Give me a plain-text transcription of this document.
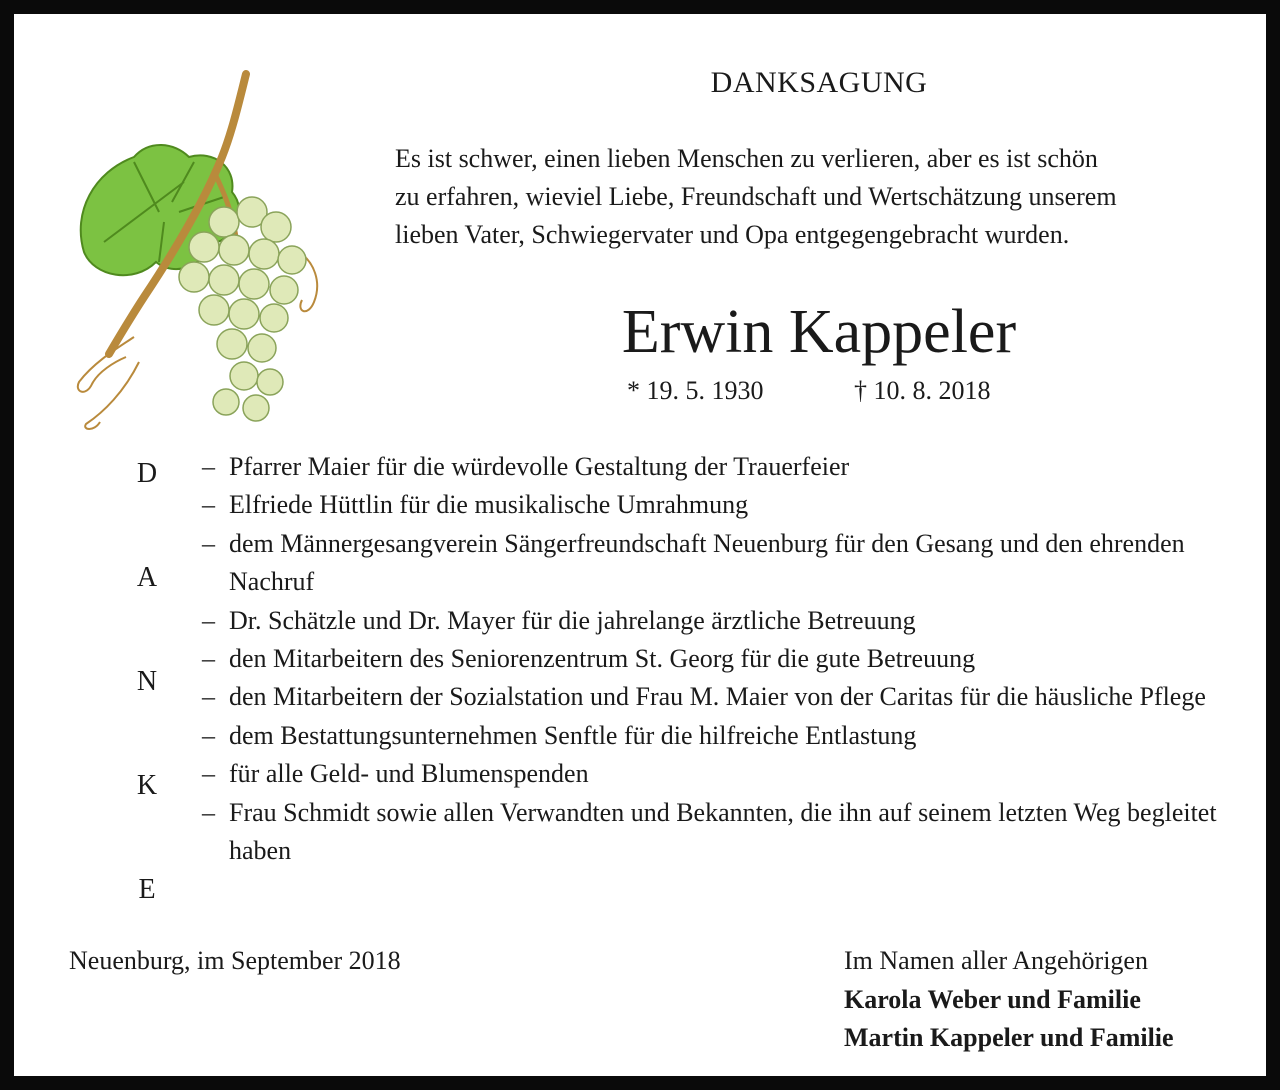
DANKSAGUNG
Es ist schwer, einen lieben Menschen zu verlieren, aber es ist schön
zu erfahren, wieviel Liebe, Freundschaft und Wertschätzung unserem
lieben Vater, Schwiegervater und Opa entgegengebracht wurden.
Erwin Kappeler
* 19. 5. 1930	† 10. 8. 2018
D
A
N
K
E
– Pfarrer Maier für die würdevolle Gestaltung der Trauerfeier
– Elfriede Hüttlin für die musikalische Umrahmung
– dem Männergesangverein Sängerfreundschaft Neuenburg für den Gesang und den ehrenden Nachruf
– Dr. Schätzle und Dr. Mayer für die jahrelange ärztliche Betreuung
– den Mitarbeitern des Seniorenzentrum St. Georg für die gute Betreuung
– den Mitarbeitern der Sozialstation und Frau M. Maier von der Caritas für die häusliche Pflege
– dem Bestattungsunternehmen Senftle für die hilfreiche Entlastung
– für alle Geld- und Blumenspenden
– Frau Schmidt sowie allen Verwandten und Bekannten, die ihn auf seinem letzten Weg begleitet haben
Neuenburg, im September 2018	Im Namen aller Angehörigen
Karola Weber und Familie
Martin Kappeler und Familie
